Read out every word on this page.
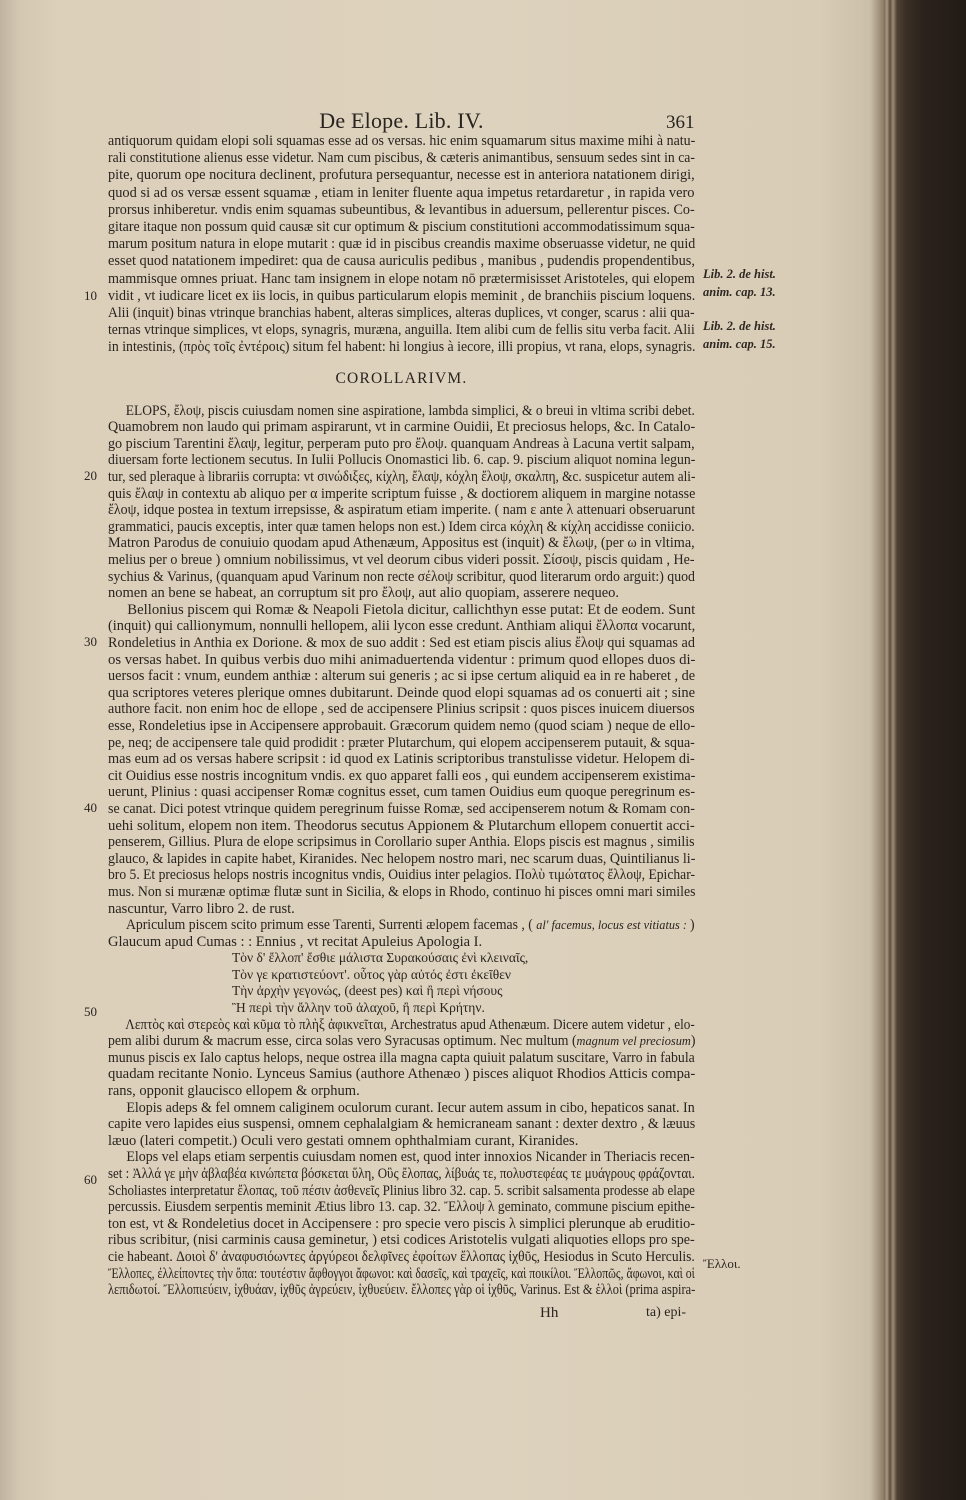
De Elope. Lib. IV.	361
antiquorum quidam elopi soli squamas esse ad os versas. hic enim squamarum situs maxime mihi à natu-
rali constitutione alienus esse videtur. Nam cum piscibus, & cæteris animantibus, sensuum sedes sint in ca-
pite, quorum ope nocitura declinent, profutura persequantur, necesse est in anteriora natationem dirigi,
quod si ad os versæ essent squamæ , etiam in leniter fluente aqua impetus retardaretur , in rapida vero
prorsus inhiberetur. vndis enim squamas subeuntibus, & levantibus in aduersum, pellerentur pisces. Co-
gitare itaque non possum quid causæ sit cur optimum & piscium constitutioni accommodatissimum squa-
marum positum natura in elope mutarit : quæ id in piscibus creandis maxime obseruasse videtur, ne quid
esset quod natationem impediret: qua de causa auriculis pedibus , manibus , pudendis propendentibus,
mammisque omnes priuat. Hanc tam insignem in elope notam nō prætermisisset Aristoteles, qui elopem
vidit , vt iudicare licet ex iis locis, in quibus particularum elopis meminit , de branchiis piscium loquens.
Alii (inquit) binas vtrinque branchias habent, alteras simplices, alteras duplices, vt conger, scarus : alii qua-
ternas vtrinque simplices, vt elops, synagris, muræna, anguilla. Item alibi cum de fellis situ verba facit. Alii
in intestinis, (πρὸς τοῖς ἐντέροις) situm fel habent: hi longius à iecore, illi propius, vt rana, elops, synagris.
COROLLARIVM.
ELOPS, ἔλοψ, piscis cuiusdam nomen sine aspiratione, lambda simplici, & ο breui in vltima scribi debet.
Quamobrem non laudo qui primam aspirarunt, vt in carmine Ouidii, Et preciosus helops, &c. In Catalo-
go piscium Tarentini ἔλαψ, legitur, perperam puto pro ἔλοψ. quanquam Andreas à Lacuna vertit salpam,
diuersam forte lectionem secutus. In Iulii Pollucis Onomastici lib. 6. cap. 9. piscium aliquot nomina legun-
tur, sed pleraque à librariis corrupta: vt σινώδιξες, κίχλη, ἔλαψ, κόχλη ἔλοψ, σκαλπη, &c. suspicetur autem ali-
quis ἔλαψ in contextu ab aliquo per α imperite scriptum fuisse , & doctiorem aliquem in margine notasse
ἔλοψ, idque postea in textum irrepsisse, & aspiratum etiam imperite. ( nam ε ante λ attenuari obseruarunt
grammatici, paucis exceptis, inter quæ tamen helops non est.) Idem circa κόχλη & κίχλη accidisse coniicio.
Matron Parodus de conuiuio quodam apud Athenæum, Appositus est (inquit) & ἔλωψ, (per ω in vltima,
melius per ο breue ) omnium nobilissimus, vt vel deorum cibus videri possit. Σίσοψ, piscis quidam , He-
sychius & Varinus, (quanquam apud Varinum non recte σέλοψ scribitur, quod literarum ordo arguit:) quod
nomen an bene se habeat, an corruptum sit pro ἔλοψ, aut alio quopiam, asserere nequeo.
Bellonius piscem qui Romæ & Neapoli Fietola dicitur, callichthyn esse putat: Et de eodem. Sunt
(inquit) qui callionymum, nonnulli hellopem, alii lycon esse credunt. Anthiam aliqui ἔλλοπα vocarunt,
Rondeletius in Anthia ex Dorione. & mox de suo addit : Sed est etiam piscis alius ἔλοψ qui squamas ad
os versas habet. In quibus verbis duo mihi animaduertenda videntur : primum quod ellopes duos di-
uersos facit : vnum, eundem anthiæ : alterum sui generis ; ac si ipse certum aliquid ea in re haberet , de
qua scriptores veteres plerique omnes dubitarunt. Deinde quod elopi squamas ad os conuerti ait ; sine
authore facit. non enim hoc de ellope , sed de accipensere Plinius scripsit : quos pisces inuicem diuersos
esse, Rondeletius ipse in Accipensere approbauit. Græcorum quidem nemo (quod sciam ) neque de ello-
pe, neq; de accipensere tale quid prodidit : præter Plutarchum, qui elopem accipenserem putauit, & squa-
mas eum ad os versas habere scripsit : id quod ex Latinis scriptoribus transtulisse videtur. Helopem di-
cit Ouidius esse nostris incognitum vndis. ex quo apparet falli eos , qui eundem accipenserem existima-
uerunt, Plinius : quasi accipenser Romæ cognitus esset, cum tamen Ouidius eum quoque peregrinum es-
se canat. Dici potest vtrinque quidem peregrinum fuisse Romæ, sed accipenserem notum & Romam con-
uehi solitum, elopem non item. Theodorus secutus Appionem & Plutarchum ellopem conuertit acci-
penserem, Gillius. Plura de elope scripsimus in Corollario super Anthia. Elops piscis est magnus , similis
glauco, & lapides in capite habet, Kiranides. Nec helopem nostro mari, nec scarum duas, Quintilianus li-
bro 5. Et preciosus helops nostris incognitus vndis, Ouidius inter pelagios. Πολὺ τιμώτατος ἔλλοψ, Epichar-
mus. Non si murænæ optimæ flutæ sunt in Sicilia, & elops in Rhodo, continuo hi pisces omni mari similes
nascuntur, Varro libro 2. de rust.
Apriculum piscem scito primum esse Tarenti, Surrenti ælopem facemas , ( al' facemus, locus est vitiatus : )
Glaucum apud Cumas : : Ennius , vt recitat Apuleius Apologia I.
Τὸν δ' ἔλλοπ' ἔσθιε μάλιστα Συρακούσαις ἐνὶ κλειναῖς,
Τὸν γε κρατιστεύοντ'. οὗτος γὰρ αὐτός ἐστι ἐκεῖθεν
Τὴν ἀρχὴν γεγονώς, (deest pes) καὶ ἢ περὶ νήσους
Ἢ περὶ τὴν ἄλλην τοῦ ἀλαχοῦ, ἢ περὶ Κρήτην.
Λεπτὸς καὶ στερεὸς καὶ κῦμα τὸ πλὴξ ἀφικνεῖται, Archestratus apud Athenæum. Dicere autem videtur , elo-
pem alibi durum & macrum esse, circa solas vero Syracusas optimum. Nec multum (magnum vel preciosum)
munus piscis ex Ialo captus helops, neque ostrea illa magna capta quiuit palatum suscitare, Varro in fabula
quadam recitante Nonio. Lynceus Samius (authore Athenæo ) pisces aliquot Rhodios Atticis compa-
rans, opponit glaucisco ellopem & orphum.
Elopis adeps & fel omnem caliginem oculorum curant. Iecur autem assum in cibo, hepaticos sanat. In
capite vero lapides eius suspensi, omnem cephalalgiam & hemicraneam sanant : dexter dextro , & læuus
læuo (lateri competit.) Oculi vero gestati omnem ophthalmiam curant, Kiranides.
Elops vel elaps etiam serpentis cuiusdam nomen est, quod inter innoxios Nicander in Theriacis recen-
set : Ἀλλά γε μὴν ἀβλαβέα κινώπετα βόσκεται ὕλη, Οὓς ἔλοπας, λίβυάς τε, πολυστεφέας τε μυάγρους φράζονται.
Scholiastes interpretatur ἔλοπας, τοῦ πέσιν ἀσθενεῖς Plinius libro 32. cap. 5. scribit salsamenta prodesse ab elape
percussis. Eiusdem serpentis meminit Ætius libro 13. cap. 32. Ἔλλοψ λ geminato, commune piscium epithe-
ton est, vt & Rondeletius docet in Accipensere : pro specie vero piscis λ simplici plerunque ab eruditio-
ribus scribitur, (nisi carminis causa geminetur, ) etsi codices Aristotelis vulgati aliquoties ellops pro spe-
cie habeant. Δοιοὶ δ' ἀναφυσιόωντες ἀργύρεοι δελφῖνες ἐφοίτων ἔλλοπας ἰχθῦς, Hesiodus in Scuto Herculis.
Ἔλλοπες, ἐλλείποντες τὴν ὄπα: τουτέστιν ἄφθογγοι ἄφωνοι: καὶ δασεῖς, καὶ τραχεῖς, καὶ ποικίλοι. Ἔλλοπῶς, ἄφωνοι, καὶ οἱ
λεπιδωτοί. Ἔλλοπιεύειν, ἰχθυάαν, ἰχθῦς ἀγρεύειν, ἰχθυεύειν. ἔλλοπες γὰρ οἱ ἰχθῦς, Varinus. Est & ἑλλοὶ (prima aspira-
10
20
30
40
50
60
Lib. 2. de hist.
anim. cap. 13.
Lib. 2. de hist.
anim. cap. 15.
Ἔλλοι.
Hh	ta) epi-
